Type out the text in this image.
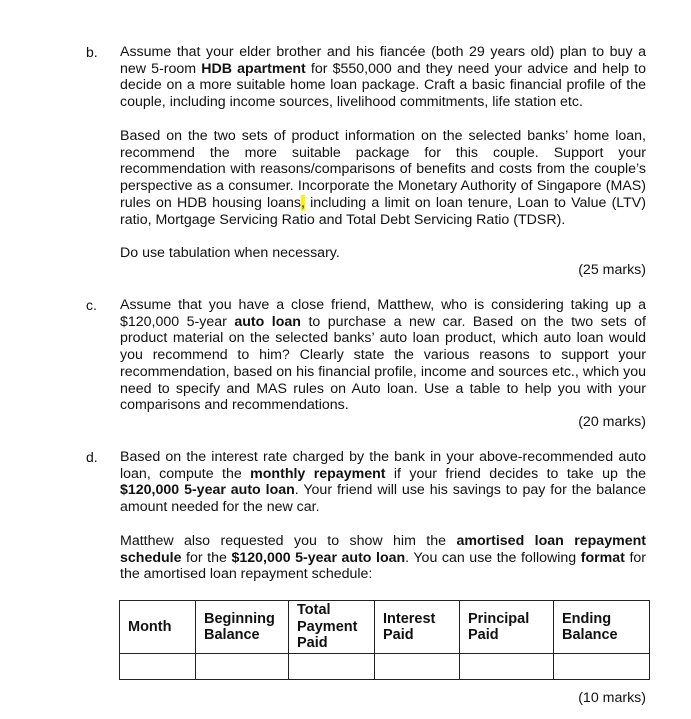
b. Assume that your elder brother and his fiancée (both 29 years old) plan to buy a new 5-room HDB apartment for $550,000 and they need your advice and help to decide on a more suitable home loan package. Craft a basic financial profile of the couple, including income sources, livelihood commitments, life station etc.

Based on the two sets of product information on the selected banks’ home loan, recommend the more suitable package for this couple. Support your recommendation with reasons/comparisons of benefits and costs from the couple’s perspective as a consumer. Incorporate the Monetary Authority of Singapore (MAS) rules on HDB housing loans, including a limit on loan tenure, Loan to Value (LTV) ratio, Mortgage Servicing Ratio and Total Debt Servicing Ratio (TDSR).

Do use tabulation when necessary.

(25 marks)
c. Assume that you have a close friend, Matthew, who is considering taking up a $120,000 5-year auto loan to purchase a new car. Based on the two sets of product material on the selected banks’ auto loan product, which auto loan would you recommend to him? Clearly state the various reasons to support your recommendation, based on his financial profile, income and sources etc., which you need to specify and MAS rules on Auto loan. Use a table to help you with your comparisons and recommendations.

(20 marks)
d. Based on the interest rate charged by the bank in your above-recommended auto loan, compute the monthly repayment if your friend decides to take up the $120,000 5-year auto loan. Your friend will use his savings to pay for the balance amount needed for the new car.

Matthew also requested you to show him the amortised loan repayment schedule for the $120,000 5-year auto loan. You can use the following format for the amortised loan repayment schedule:

Month	Beginning Balance	Total Payment Paid	Interest Paid	Principal Paid	Ending Balance

(10 marks)
